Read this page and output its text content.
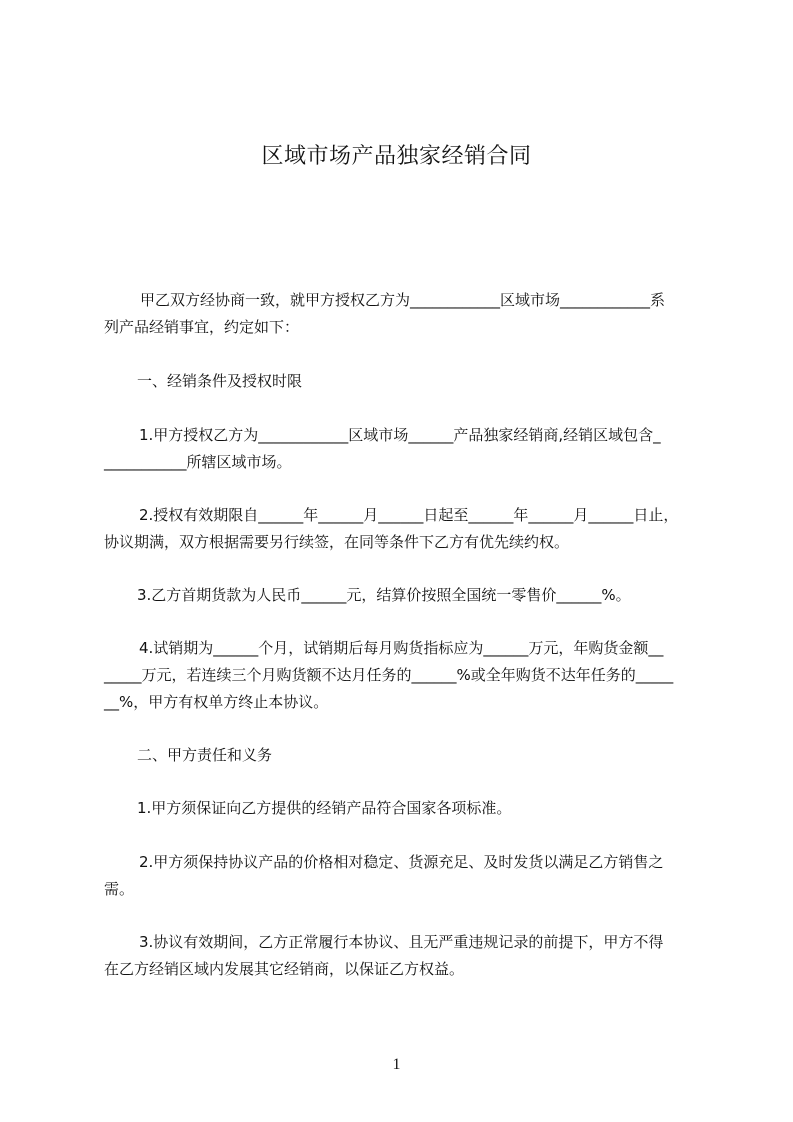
区域市场产品独家经销合同
甲乙双方经协商一致，就甲方授权乙方为____________区域市场____________系
列产品经销事宜，约定如下：
一、经销条件及授权时限
1.甲方授权乙方为____________区域市场______产品独家经销商,经销区域包含_
___________所辖区域市场。
2.授权有效期限自______年______月______日起至______年______月______日止，
协议期满，双方根据需要另行续签，在同等条件下乙方有优先续约权。
3.乙方首期货款为人民币______元，结算价按照全国统一零售价______%。
4.试销期为______个月，试销期后每月购货指标应为______万元，年购货金额__
_____万元，若连续三个月购货额不达月任务的______%或全年购货不达年任务的_____
__%，甲方有权单方终止本协议。
二、甲方责任和义务
1.甲方须保证向乙方提供的经销产品符合国家各项标准。
2.甲方须保持协议产品的价格相对稳定、货源充足、及时发货以满足乙方销售之
需。
3.协议有效期间，乙方正常履行本协议、且无严重违规记录的前提下，甲方不得
在乙方经销区域内发展其它经销商，以保证乙方权益。
1
